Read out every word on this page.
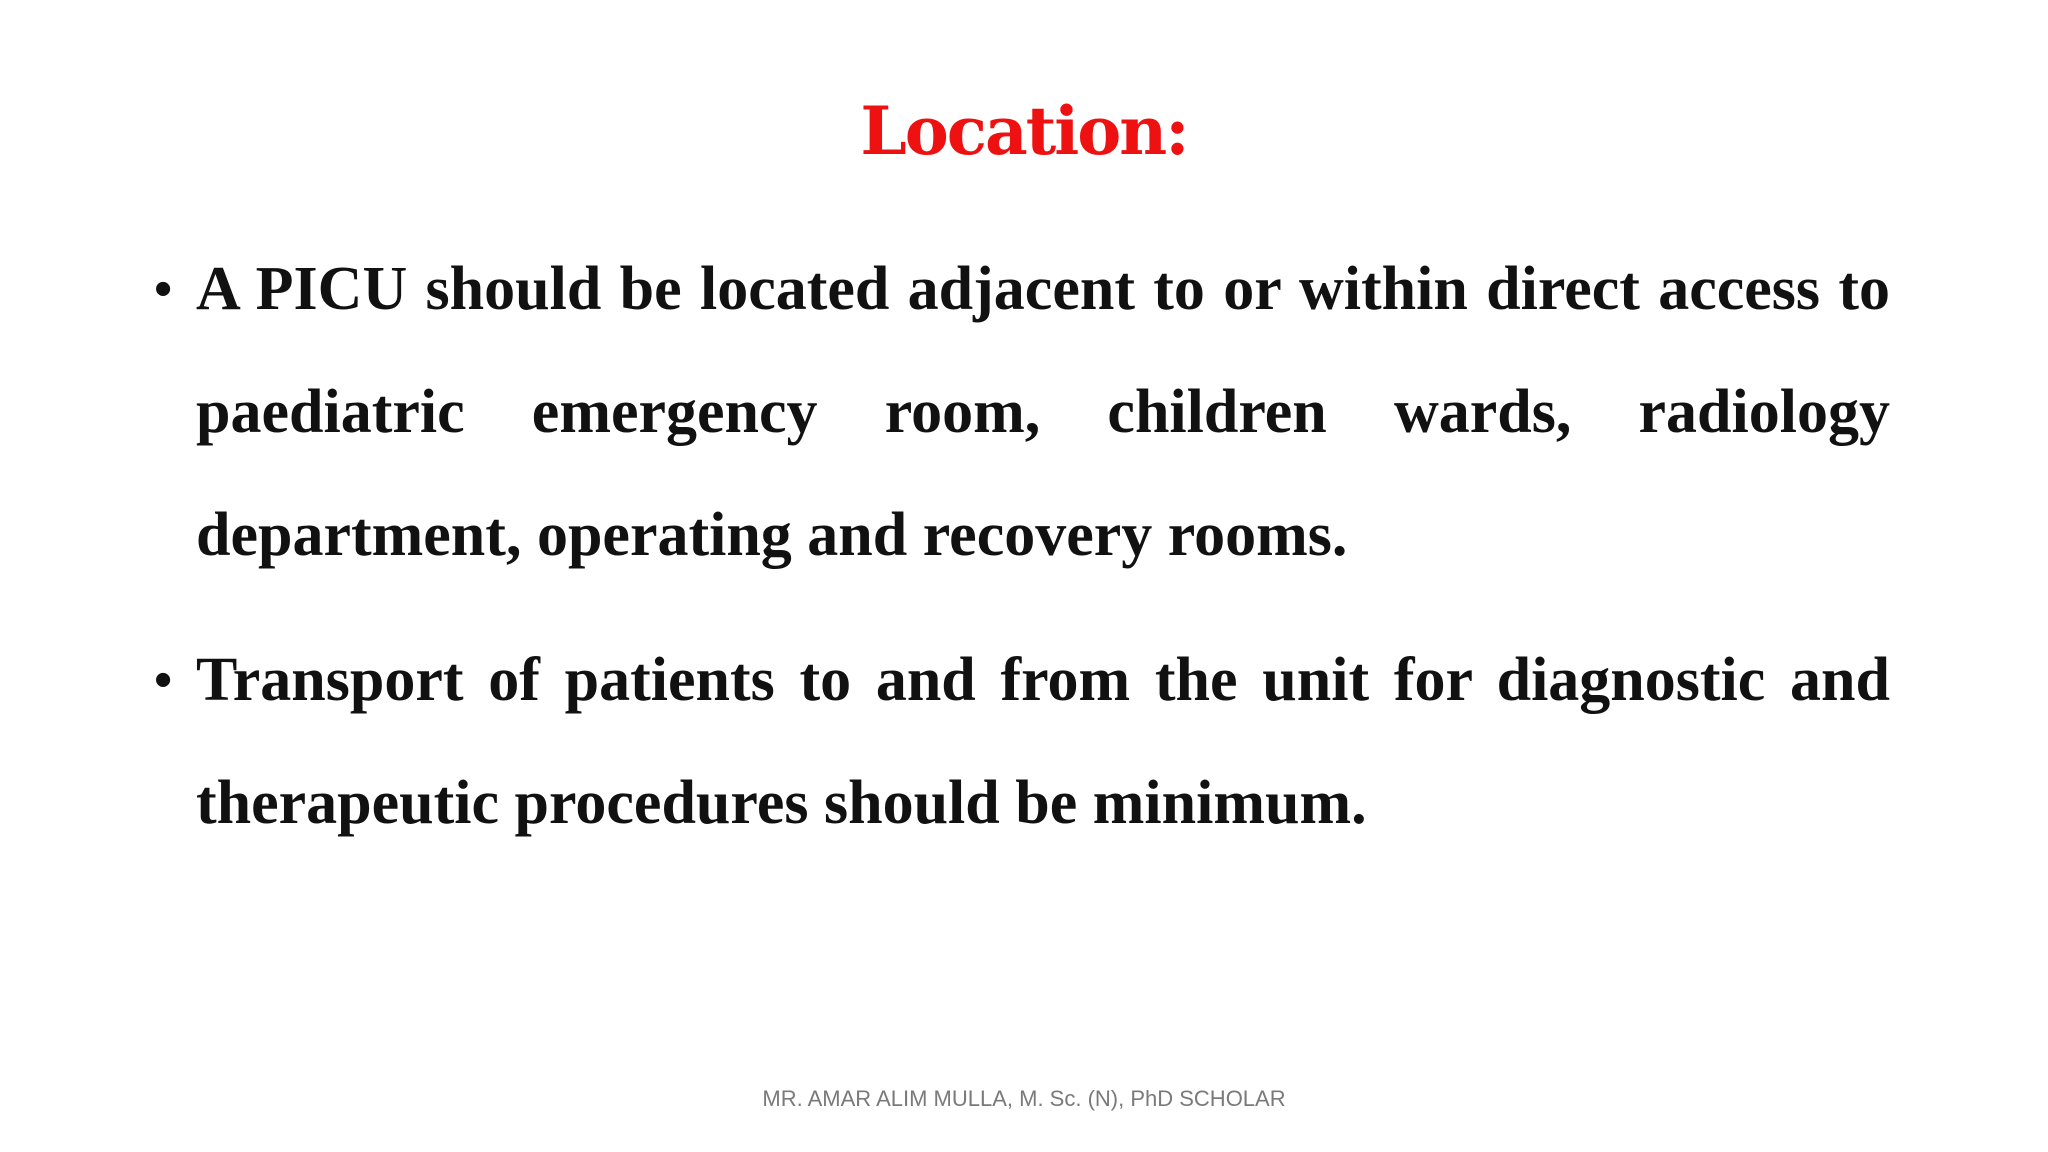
Location:
• A PICU should be located adjacent to or within direct access to paediatric emergency room, children wards, radiology department, operating and recovery rooms.
• Transport of patients to and from the unit for diagnostic and therapeutic procedures should be minimum.
MR. AMAR ALIM MULLA, M. Sc. (N), PhD SCHOLAR
